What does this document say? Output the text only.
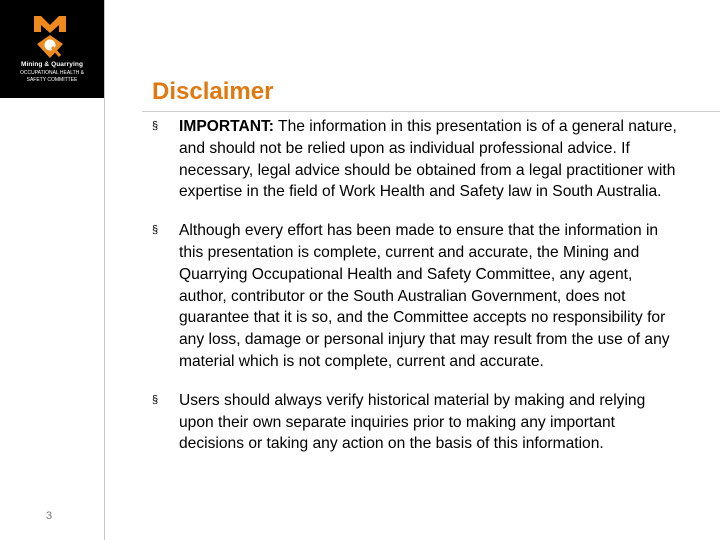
Mining & Quarrying
OCCUPATIONAL HEALTH &
SAFETY COMMITTEE
3
Disclaimer
§ IMPORTANT: The information in this presentation is of a general nature, and should not be relied upon as individual professional advice. If necessary, legal advice should be obtained from a legal practitioner with expertise in the field of Work Health and Safety law in South Australia.
§ Although every effort has been made to ensure that the information in this presentation is complete, current and accurate, the Mining and Quarrying Occupational Health and Safety Committee, any agent, author, contributor or the South Australian Government, does not guarantee that it is so, and the Committee accepts no responsibility for any loss, damage or personal injury that may result from the use of any material which is not complete, current and accurate.
§ Users should always verify historical material by making and relying upon their own separate inquiries prior to making any important decisions or taking any action on the basis of this information.
